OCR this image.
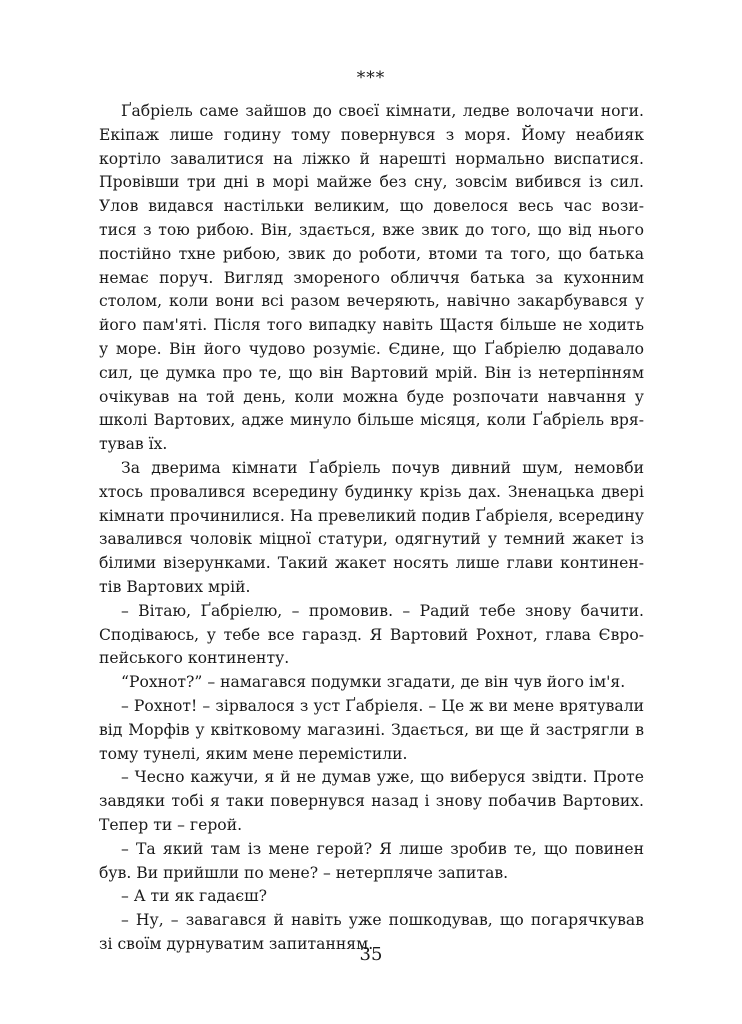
***
Ґабріель саме зайшов до своєї кімнати, ледве волочачи ноги.
Екіпаж лише годину тому повернувся з моря. Йому неабияк
кортіло завалитися на ліжко й нарешті нормально виспатися.
Провівши три дні в морі майже без сну, зовсім вибився із сил.
Улов видався настільки великим, що довелося весь час вози-
тися з тою рибою. Він, здається, вже звик до того, що від нього
постійно тхне рибою, звик до роботи, втоми та того, що батька
немає поруч. Вигляд змореного обличчя батька за кухонним
столом, коли вони всі разом вечеряють, навічно закарбувався у
його пам'яті. Після того випадку навіть Щастя більше не ходить
у море. Він його чудово розуміє. Єдине, що Ґабріелю додавало
сил, це думка про те, що він Вартовий мрій. Він із нетерпінням
очікував на той день, коли можна буде розпочати навчання у
школі Вартових, адже минуло більше місяця, коли Ґабріель вря-
тував їх.
За дверима кімнати Ґабріель почув дивний шум, немовби
хтось провалився всередину будинку крізь дах. Зненацька двері
кімнати прочинилися. На превеликий подив Ґабріеля, всередину
завалився чоловік міцної статури, одягнутий у темний жакет із
білими візерунками. Такий жакет носять лише глави континен-
тів Вартових мрій.
– Вітаю, Ґабріелю, – промовив. – Радий тебе знову бачити.
Сподіваюсь, у тебе все гаразд. Я Вартовий Рохнот, глава Євро-
пейського континенту.
“Рохнот?” – намагався подумки згадати, де він чув його ім'я.
– Рохнот! – зірвалося з уст Ґабріеля. – Це ж ви мене врятували
від Морфів у квітковому магазині. Здається, ви ще й застрягли в
тому тунелі, яким мене перемістили.
– Чесно кажучи, я й не думав уже, що виберуся звідти. Проте
завдяки тобі я таки повернувся назад і знову побачив Вартових.
Тепер ти – герой.
– Та який там із мене герой? Я лише зробив те, що повинен
був. Ви прийшли по мене? – нетерпляче запитав.
– А ти як гадаєш?
– Ну, – завагався й навіть уже пошкодував, що погарячкував
зі своїм дурнуватим запитанням.
35
